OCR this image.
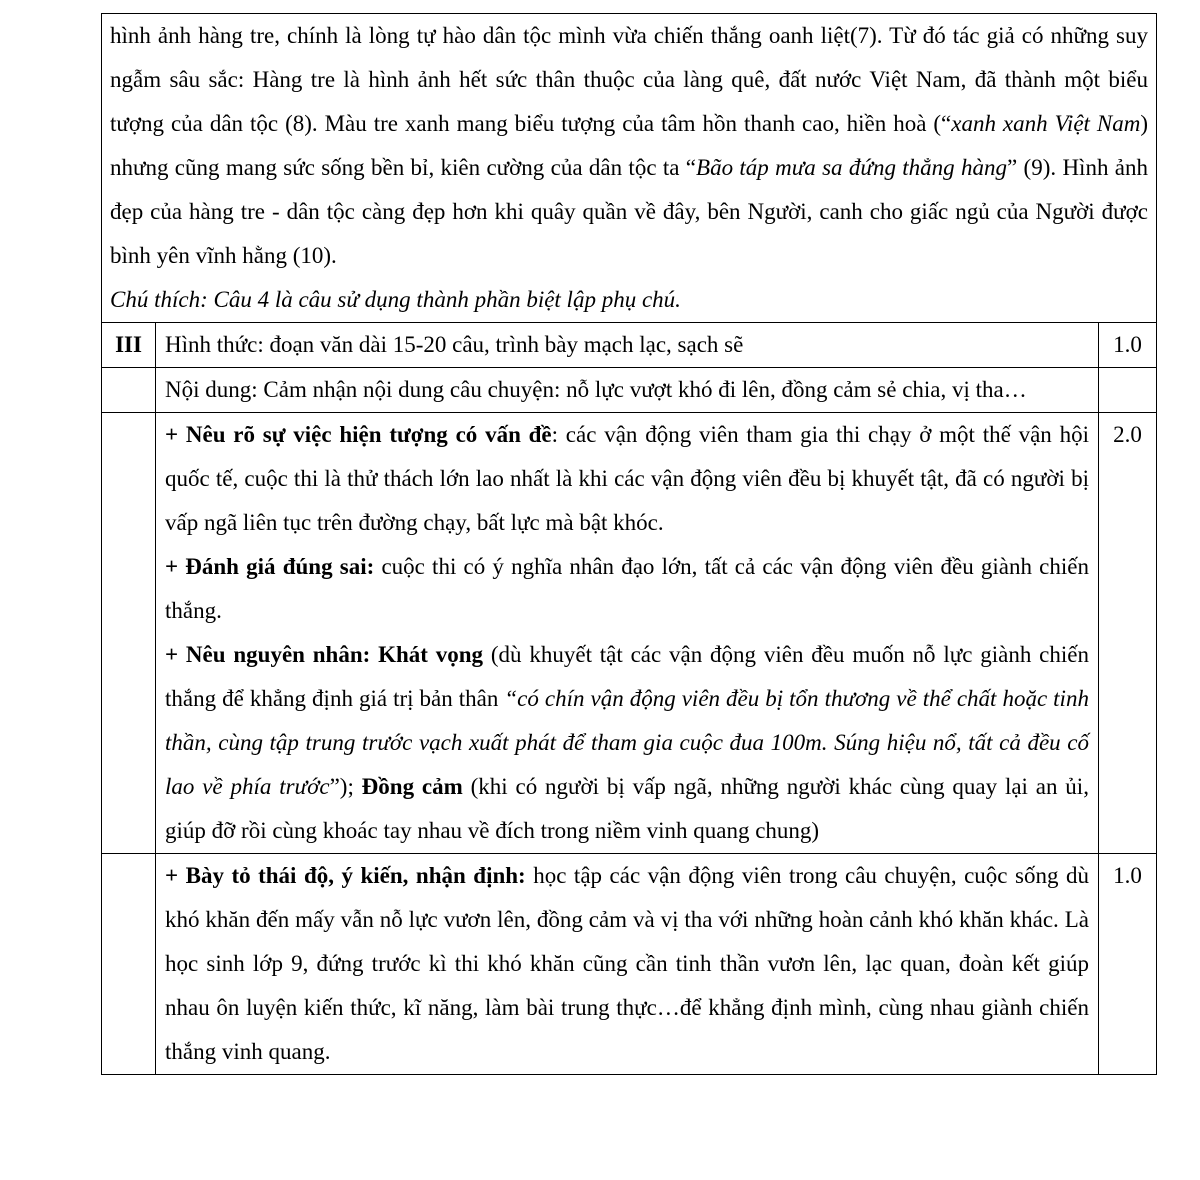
hình ảnh hàng tre, chính là lòng tự hào dân tộc mình vừa chiến thắng oanh liệt(7). Từ đó tác giả có những suy ngẫm sâu sắc: Hàng tre là hình ảnh hết sức thân thuộc của làng quê, đất nước Việt Nam, đã thành một biểu tượng của dân tộc (8). Màu tre xanh mang biểu tượng của tâm hồn thanh cao, hiền hoà (“xanh xanh Việt Nam) nhưng cũng mang sức sống bền bỉ, kiên cường của dân tộc ta “Bão táp mưa sa đứng thẳng hàng” (9). Hình ảnh đẹp của hàng tre - dân tộc càng đẹp hơn khi quây quần về đây, bên Người, canh cho giấc ngủ của Người được bình yên vĩnh hằng (10).

Chú thích: Câu 4 là câu sử dụng thành phần biệt lập phụ chú.		

III	Hình thức: đoạn văn dài 15-20 câu, trình bày mạch lạc, sạch sẽ	1.0
	Nội dung: Cảm nhận nội dung câu chuyện: nỗ lực vượt khó đi lên, đồng cảm sẻ chia, vị tha…	

	+ Nêu rõ sự việc hiện tượng có vấn đề: các vận động viên tham gia thi chạy ở một thế vận hội quốc tế, cuộc thi là thử thách lớn lao nhất là khi các vận động viên đều bị khuyết tật, đã có người bị vấp ngã liên tục trên đường chạy, bất lực mà bật khóc.

+ Đánh giá đúng sai: cuộc thi có ý nghĩa nhân đạo lớn, tất cả các vận động viên đều giành chiến thắng.

+ Nêu nguyên nhân: Khát vọng (dù khuyết tật các vận động viên đều muốn nỗ lực giành chiến thắng để khẳng định giá trị bản thân “có chín vận động viên đều bị tổn thương về thể chất hoặc tinh thần, cùng tập trung trước vạch xuất phát để tham gia cuộc đua 100m. Súng hiệu nổ, tất cả đều cố lao về phía trước”); Đồng cảm (khi có người bị vấp ngã, những người khác cùng quay lại an ủi, giúp đỡ rồi cùng khoác tay nhau về đích trong niềm vinh quang chung)	2.0

	+ Bày tỏ thái độ, ý kiến, nhận định: học tập các vận động viên trong câu chuyện, cuộc sống dù khó khăn đến mấy vẫn nỗ lực vươn lên, đồng cảm và vị tha với những hoàn cảnh khó khăn khác. Là học sinh lớp 9, đứng trước kì thi khó khăn cũng cần tinh thần vươn lên, lạc quan, đoàn kết giúp nhau ôn luyện kiến thức, kĩ năng, làm bài trung thực…để khẳng định mình, cùng nhau giành chiến thắng vinh quang.	1.0
